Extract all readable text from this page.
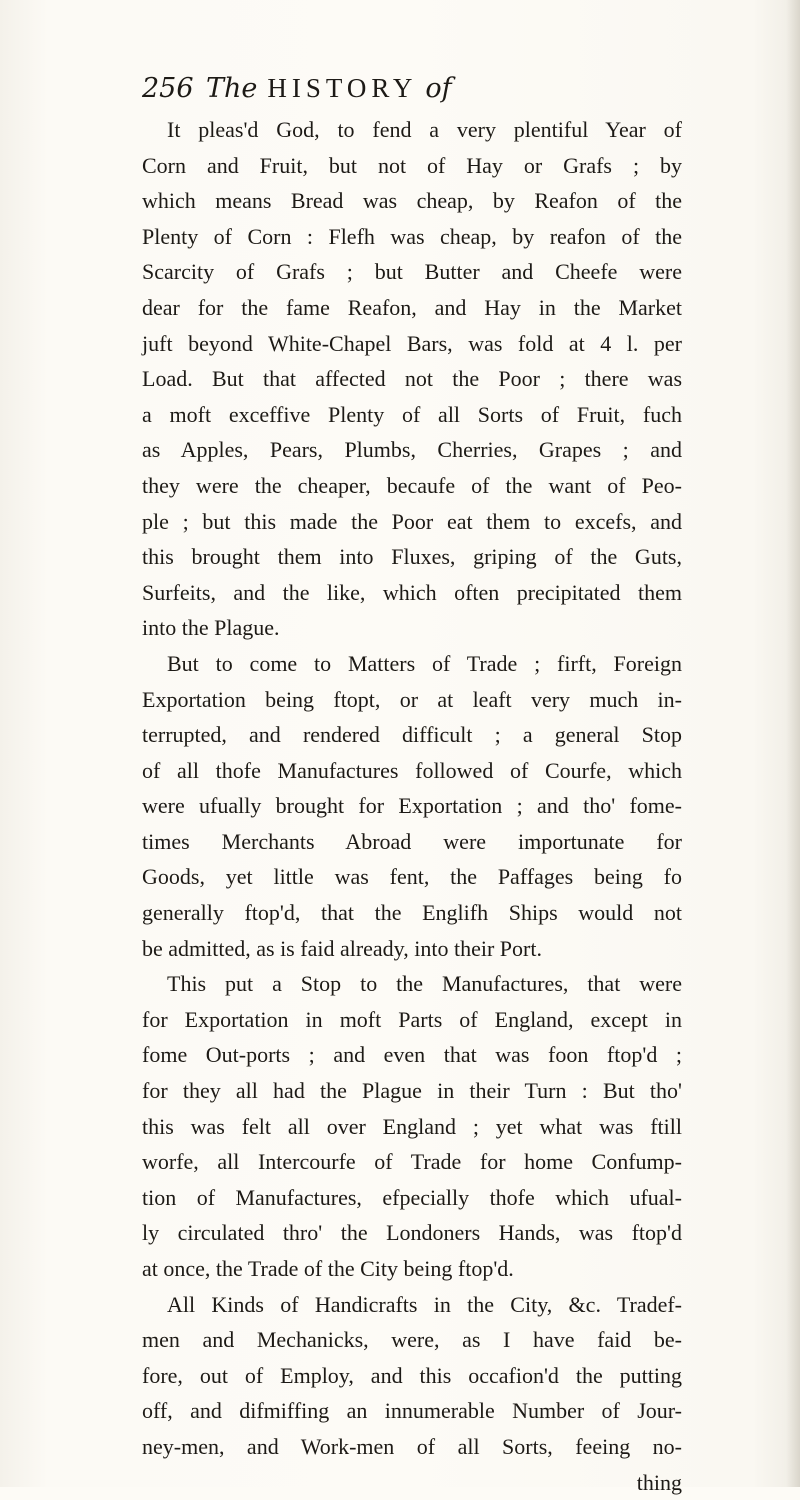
256 The HISTORY of
It pleas'd God, to fend a very plentiful Year of
Corn and Fruit, but not of Hay or Grafs ; by
which means Bread was cheap, by Reafon of the
Plenty of Corn : Flefh was cheap, by reafon of the
Scarcity of Grafs ; but Butter and Cheefe were
dear for the fame Reafon, and Hay in the Market
juft beyond White-Chapel Bars, was fold at 4 l. per
Load. But that affected not the Poor ; there was
a moft exceffive Plenty of all Sorts of Fruit, fuch
as Apples, Pears, Plumbs, Cherries, Grapes ; and
they were the cheaper, becaufe of the want of Peo-
ple ; but this made the Poor eat them to excefs, and
this brought them into Fluxes, griping of the Guts,
Surfeits, and the like, which often precipitated them
into the Plague.
But to come to Matters of Trade ; firft, Foreign
Exportation being ftopt, or at leaft very much in-
terrupted, and rendered difficult ; a general Stop
of all thofe Manufactures followed of Courfe, which
were ufually brought for Exportation ; and tho' fome-
times Merchants Abroad were importunate for
Goods, yet little was fent, the Paffages being fo
generally ftop'd, that the Englifh Ships would not
be admitted, as is faid already, into their Port.
This put a Stop to the Manufactures, that were
for Exportation in moft Parts of England, except in
fome Out-ports ; and even that was foon ftop'd ;
for they all had the Plague in their Turn : But tho'
this was felt all over England ; yet what was ftill
worfe, all Intercourfe of Trade for home Confump-
tion of Manufactures, efpecially thofe which ufual-
ly circulated thro' the Londoners Hands, was ftop'd
at once, the Trade of the City being ftop'd.
All Kinds of Handicrafts in the City, &c. Tradef-
men and Mechanicks, were, as I have faid be-
fore, out of Employ, and this occafion'd the putting
off, and difmiffing an innumerable Number of Jour-
ney-men, and Work-men of all Sorts, feeing no-
thing
